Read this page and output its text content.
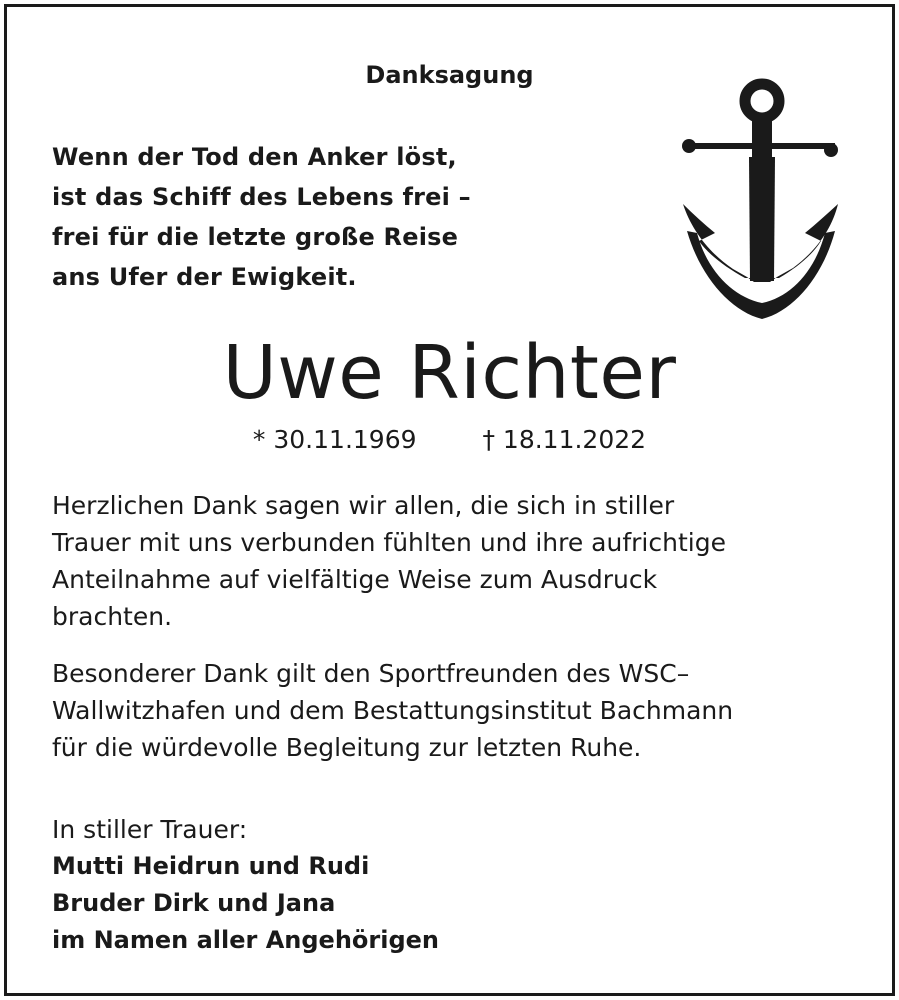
Danksagung
Wenn der Tod den Anker löst,
ist das Schiff des Lebens frei –
frei für die letzte große Reise
ans Ufer der Ewigkeit.
Uwe Richter
* 30.11.1969	† 18.11.2022
Herzlichen Dank sagen wir allen, die sich in stiller
Trauer mit uns verbunden fühlten und ihre aufrichtige
Anteilnahme auf vielfältige Weise zum Ausdruck
brachten.
Besonderer Dank gilt den Sportfreunden des WSC–
Wallwitzhafen und dem Bestattungsinstitut Bachmann
für die würdevolle Begleitung zur letzten Ruhe.
In stiller Trauer:
Mutti Heidrun und Rudi
Bruder Dirk und Jana
im Namen aller Angehörigen
